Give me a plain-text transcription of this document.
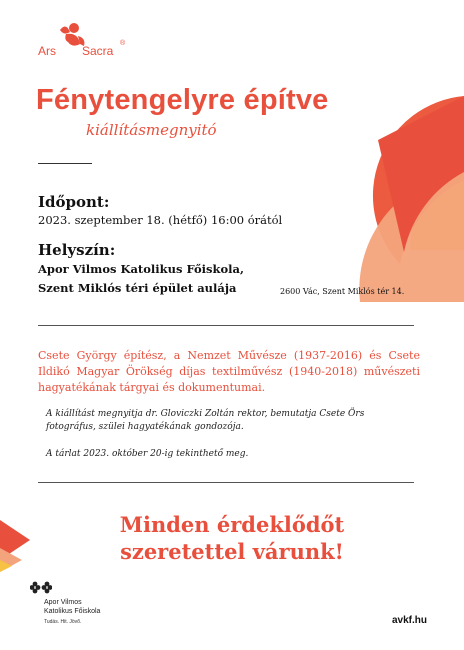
Ars Sacra
®
Fénytengelyre építve
kiállításmegnyitó
Időpont:
2023. szeptember 18. (hétfő) 16:00 órától
Helyszín:
Apor Vilmos Katolikus Főiskola,
Szent Miklós téri épület aulája	2600 Vác, Szent Miklós tér 14.
Csete György építész, a Nemzet Művésze (1937-2016) és Csete Ildikó Magyar Örökség díjas textilművész (1940-2018) művészeti hagyatékának tárgyai és dokumentumai.
A kiállítást megnyitja dr. Gloviczki Zoltán rektor, bemutatja Csete Örs fotográfus, szülei hagyatékának gondozója.
A tárlat 2023. október 20-ig tekinthető meg.
Minden érdeklődőt
szeretettel várunk!
Apor Vilmos
Katolikus Főiskola
Tudás. Hit. Jövő.	avkf.hu
